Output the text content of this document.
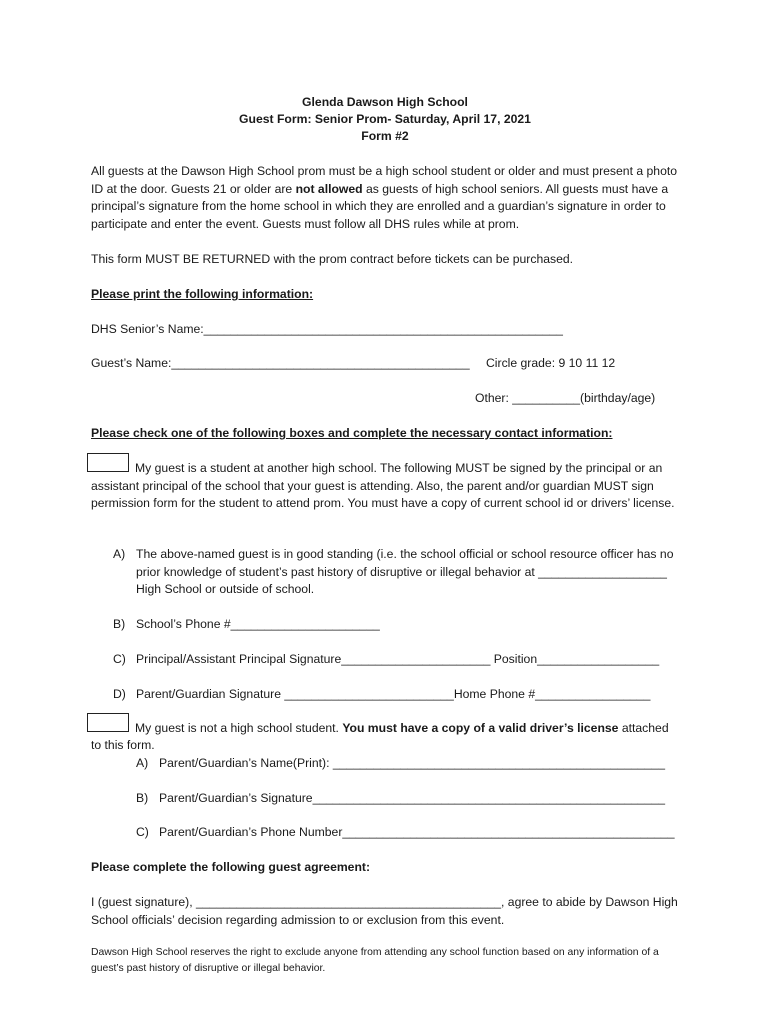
Glenda Dawson High School
Guest Form: Senior Prom- Saturday, April 17, 2021
Form #2
All guests at the Dawson High School prom must be a high school student or older and must present a photo ID at the door. Guests 21 or older are not allowed as guests of high school seniors. All guests must have a principal’s signature from the home school in which they are enrolled and a guardian’s signature in order to participate and enter the event. Guests must follow all DHS rules while at prom.
This form MUST BE RETURNED with the prom contract before tickets can be purchased.
Please print the following information:
DHS Senior’s Name:_____________________________________________________
Guest’s Name:____________________________________________ Circle grade: 9 10 11 12
Other: __________(birthday/age)
Please check one of the following boxes and complete the necessary contact information:
My guest is a student at another high school. The following MUST be signed by the principal or an assistant principal of the school that your guest is attending. Also, the parent and/or guardian MUST sign permission form for the student to attend prom. You must have a copy of current school id or drivers’ license.
A) The above-named guest is in good standing (i.e. the school official or school resource officer has no prior knowledge of student’s past history of disruptive or illegal behavior at ___________________ High School or outside of school.
B) School’s Phone #______________________
C) Principal/Assistant Principal Signature______________________ Position__________________
D) Parent/Guardian Signature _________________________Home Phone #_________________
My guest is not a high school student. You must have a copy of a valid driver’s license attached
to this form.
A) Parent/Guardian’s Name(Print): _________________________________________________
B) Parent/Guardian’s Signature____________________________________________________
C) Parent/Guardian’s Phone Number_________________________________________________
Please complete the following guest agreement:
I (guest signature), _____________________________________________, agree to abide by Dawson High School officials’ decision regarding admission to or exclusion from this event.
Dawson High School reserves the right to exclude anyone from attending any school function based on any information of a guest’s past history of disruptive or illegal behavior.
